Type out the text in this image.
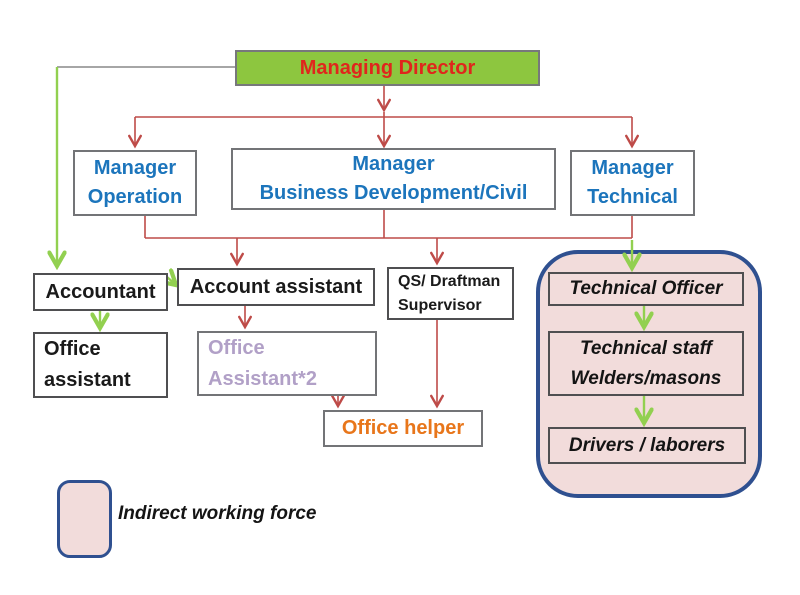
Managing Director
Manager
Operation
Manager
Business Development/Civil
Manager
Technical
Accountant
Office
assistant
Account assistant
Office
Assistant*2
QS/ Draftman
Supervisor
Office helper
Technical Officer
Technical staff
Welders/masons
Drivers / laborers
Indirect working force
